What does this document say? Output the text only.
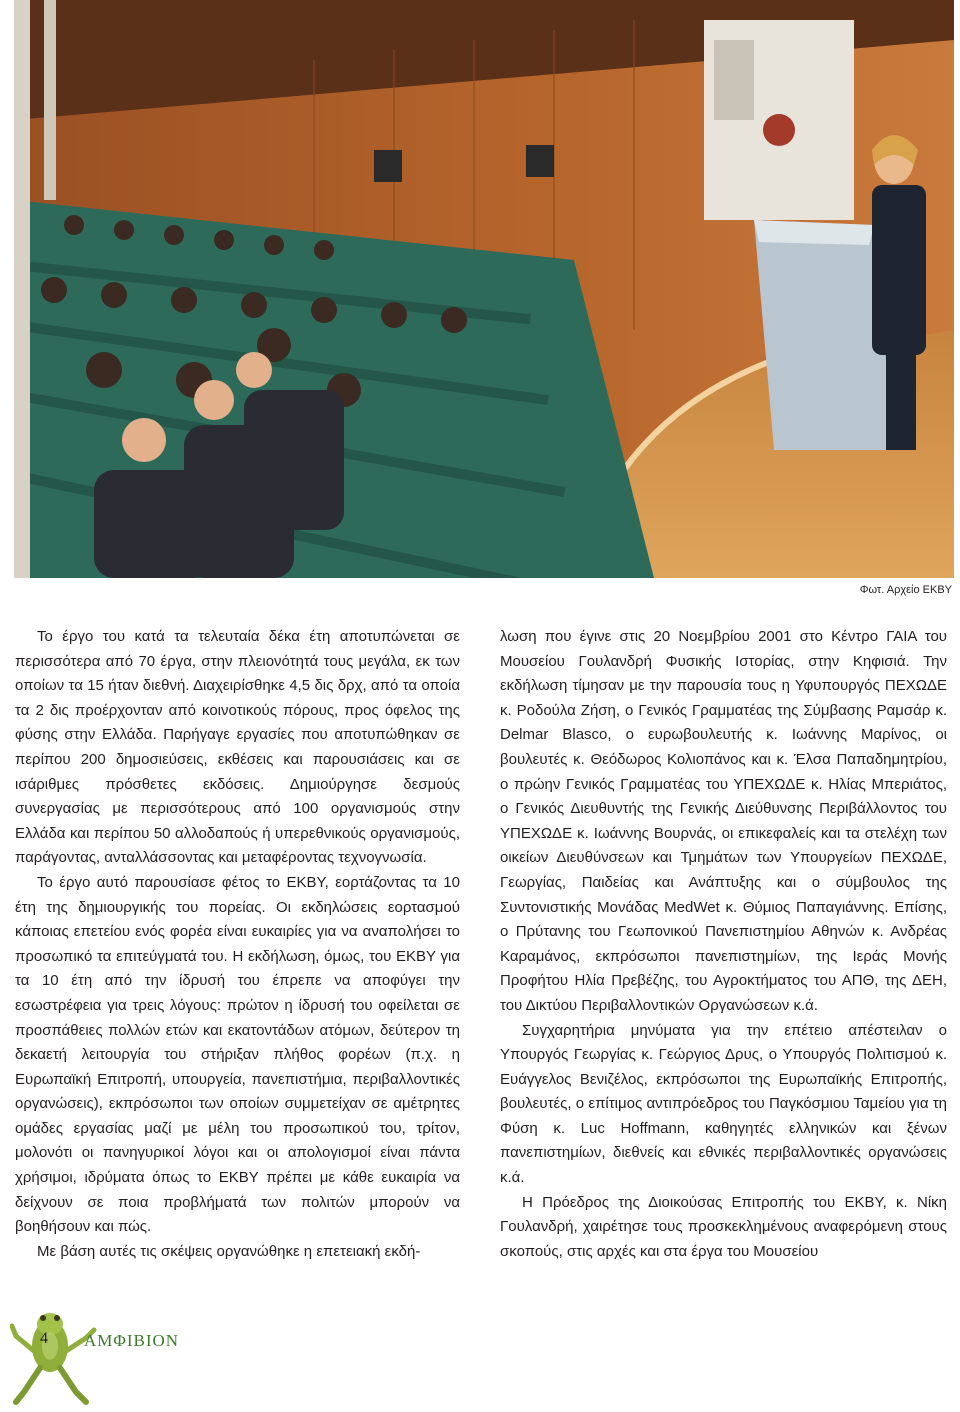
Φωτ. Αρχείο ΕΚΒΥ

Το έργο του κατά τα τελευταία δέκα έτη αποτυπώνεται σε περισσότερα από 70 έργα, στην πλειονότητά τους μεγάλα, εκ των οποίων τα 15 ήταν διεθνή. Διαχειρίσθηκε 4,5 δις δρχ, από τα οποία τα 2 δις προέρχονταν από κοινοτικούς πόρους, προς όφελος της φύσης στην Ελλάδα. Παρήγαγε εργασίες που αποτυπώθηκαν σε περίπου 200 δημοσιεύσεις, εκθέσεις και παρουσιάσεις και σε ισάριθμες πρόσθετες εκδόσεις. Δημιούργησε δεσμούς συνεργασίας με περισσότερους από 100 οργανισμούς στην Ελλάδα και περίπου 50 αλλοδαπούς ή υπερεθνικούς οργανισμούς, παράγοντας, ανταλλάσσοντας και μεταφέροντας τεχνογνωσία.

Το έργο αυτό παρουσίασε φέτος το ΕΚΒΥ, εορτάζοντας τα 10 έτη της δημιουργικής του πορείας. Οι εκδηλώσεις εορτασμού κάποιας επετείου ενός φορέα είναι ευκαιρίες για να αναπολήσει το προσωπικό τα επιτεύγματά του. Η εκδήλωση, όμως, του ΕΚΒΥ για τα 10 έτη από την ίδρυσή του έπρεπε να αποφύγει την εσωστρέφεια για τρεις λόγους: πρώτον η ίδρυσή του οφείλεται σε προσπάθειες πολλών ετών και εκατοντάδων ατόμων, δεύτερον τη δεκαετή λειτουργία του στήριξαν πλήθος φορέων (π.χ. η Ευρωπαϊκή Επιτροπή, υπουργεία, πανεπιστήμια, περιβαλλοντικές οργανώσεις), εκπρόσωποι των οποίων συμμετείχαν σε αμέτρητες ομάδες εργασίας μαζί με μέλη του προσωπικού του, τρίτον, μολονότι οι πανηγυρικοί λόγοι και οι απολογισμοί είναι πάντα χρήσιμοι, ιδρύματα όπως το ΕΚΒΥ πρέπει με κάθε ευκαιρία να δείχνουν σε ποια προβλήματά των πολιτών μπορούν να βοηθήσουν και πώς.

Με βάση αυτές τις σκέψεις οργανώθηκε η επετειακή εκδή-

λωση που έγινε στις 20 Νοεμβρίου 2001 στο Κέντρο ΓΑΙΑ του Μουσείου Γουλανδρή Φυσικής Ιστορίας, στην Κηφισιά. Την εκδήλωση τίμησαν με την παρουσία τους η Υφυπουργός ΠΕΧΩΔΕ κ. Ροδούλα Ζήση, ο Γενικός Γραμματέας της Σύμβασης Ραμσάρ κ. Delmar Blasco, ο ευρωβουλευτής κ. Ιωάννης Μαρίνος, οι βουλευτές κ. Θεόδωρος Κολιοπάνος και κ. Έλσα Παπαδημητρίου, ο πρώην Γενικός Γραμματέας του ΥΠΕΧΩΔΕ κ. Ηλίας Μπεριάτος, ο Γενικός Διευθυντής της Γενικής Διεύθυνσης Περιβάλλοντος του ΥΠΕΧΩΔΕ κ. Ιωάννης Βουρνάς, οι επικεφαλείς και τα στελέχη των οικείων Διευθύνσεων και Τμημάτων των Υπουργείων ΠΕΧΩΔΕ, Γεωργίας, Παιδείας και Ανάπτυξης και ο σύμβουλος της Συντονιστικής Μονάδας MedWet κ. Θύμιος Παπαγιάννης. Επίσης, ο Πρύτανης του Γεωπονικού Πανεπιστημίου Αθηνών κ. Ανδρέας Καραμάνος, εκπρόσωποι πανεπιστημίων, της Ιεράς Μονής Προφήτου Ηλία Πρεβέζης, του Αγροκτήματος του ΑΠΘ, της ΔΕΗ, του Δικτύου Περιβαλλοντικών Οργανώσεων κ.ά.

Συγχαρητήρια μηνύματα για την επέτειο απέστειλαν ο Υπουργός Γεωργίας κ. Γεώργιος Δρυς, ο Υπουργός Πολιτισμού κ. Ευάγγελος Βενιζέλος, εκπρόσωποι της Ευρωπαϊκής Επιτροπής, βουλευτές, ο επίτιμος αντιπρόεδρος του Παγκόσμιου Ταμείου για τη Φύση κ. Luc Hoffmann, καθηγητές ελληνικών και ξένων πανεπιστημίων, διεθνείς και εθνικές περιβαλλοντικές οργανώσεις κ.ά.

Η Πρόεδρος της Διοικούσας Επιτροπής του ΕΚΒΥ, κ. Νίκη Γουλανδρή, χαιρέτησε τους προσκεκλημένους αναφερόμενη στους σκοπούς, στις αρχές και στα έργα του Μουσείου

4 ΑΜΦΙΒΙΟΝ
